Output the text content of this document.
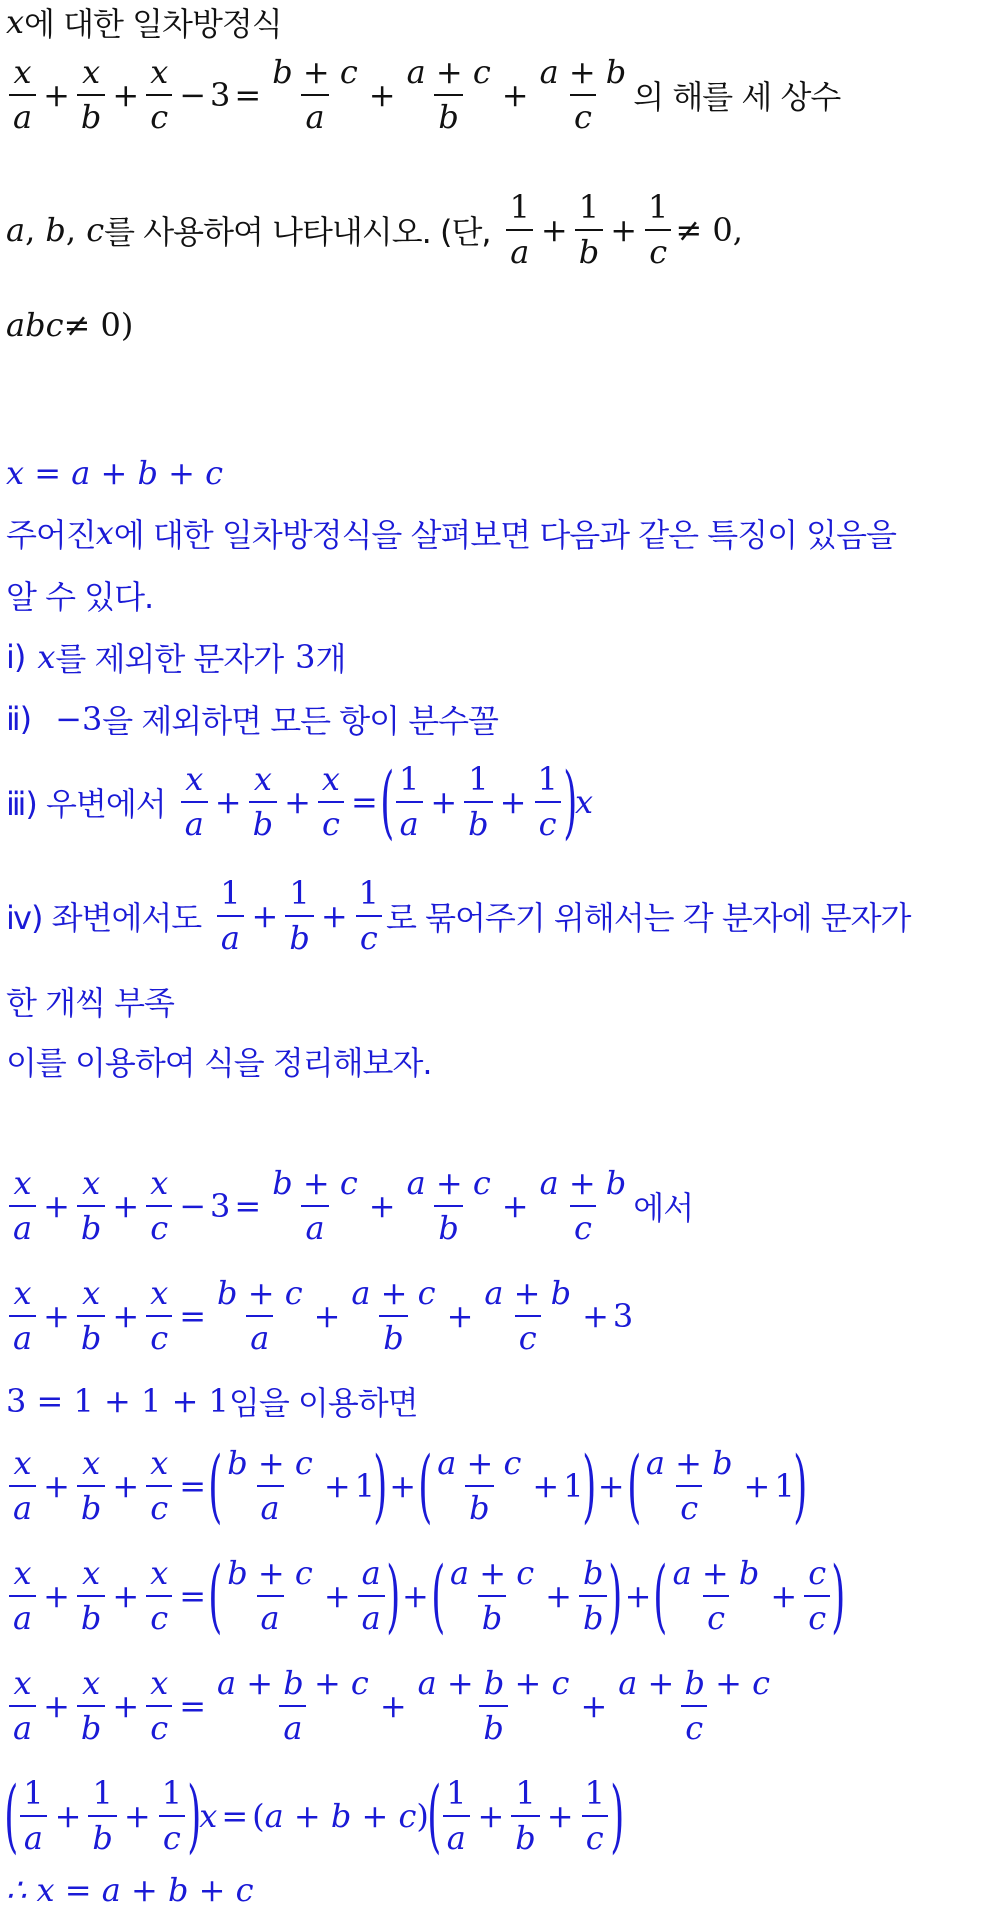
x 에 대한 일차방정식
$\frac{x}{a} + \frac{x}{b} + \frac{x}{c} - 3 = \frac{b + c}{a} + \frac{a + c}{b} + \frac{a + b}{c}$ 의 해를 세 상수
a , b , c 를 사용하여 나타내시오. (단, $\frac{1}{a} + \frac{1}{b} + \frac{1}{c} \ne 0$,
abc ≠ 0)
x = a + b + c
주어진 x 에 대한 일차방정식을 살펴보면 다음과 같은 특징이 있음을
알 수 있다.
ⅰ) x 를 제외한 문자가 3 개
ⅱ) −3 을 제외하면 모든 항이 분수꼴
ⅲ) 우변에서 $\frac{x}{a} + \frac{x}{b} + \frac{x}{c}$ = ( $\frac{1}{a} + \frac{1}{b} + \frac{1}{c}$ )
x
ⅳ) 좌변에서도 $\frac{1}{a} + \frac{1}{b} + \frac{1}{c}$ 로 묶어주기 위해서는 각 분자에 문자가
한 개씩 부족
이를 이용하여 식을 정리해보자.
$\frac{x}{a} + \frac{x}{b} + \frac{x}{c} - 3 = \frac{b + c}{a} + \frac{a + c}{b} + \frac{a + b}{c}$ 에서
$\frac{x}{a} + \frac{x}{b} + \frac{x}{c} = \frac{b + c}{a} + \frac{a + c}{b} + \frac{a + b}{c} + 3$
3 = 1 + 1 + 1 임을 이용하면
$\frac{x}{a} + \frac{x}{b} + \frac{x}{c}$ = ( $\frac{b + c}{a} + 1$
) + ( $\frac{a + c}{b} + 1$
) + ( $\frac{a + b}{c} + 1$
)
$\frac{x}{a} + \frac{x}{b} + \frac{x}{c}$ = ( $\frac{b + c}{a} + \frac{a}{a}$ ) + ( $\frac{a + c}{b} + \frac{b}{b}$ ) + ( $\frac{a + b}{c} + \frac{c}{c}$ )
$\frac{x}{a} + \frac{x}{b} + \frac{x}{c} = \frac{a + b + c}{a} + \frac{a + b + c}{b} + \frac{a + b + c}{c}$
( $\frac{1}{a} + \frac{1}{b} + \frac{1}{c}$ )
x = ( a + b + c )
( $\frac{1}{a} + \frac{1}{b} + \frac{1}{c}$ )
∴ x = a + b + c
